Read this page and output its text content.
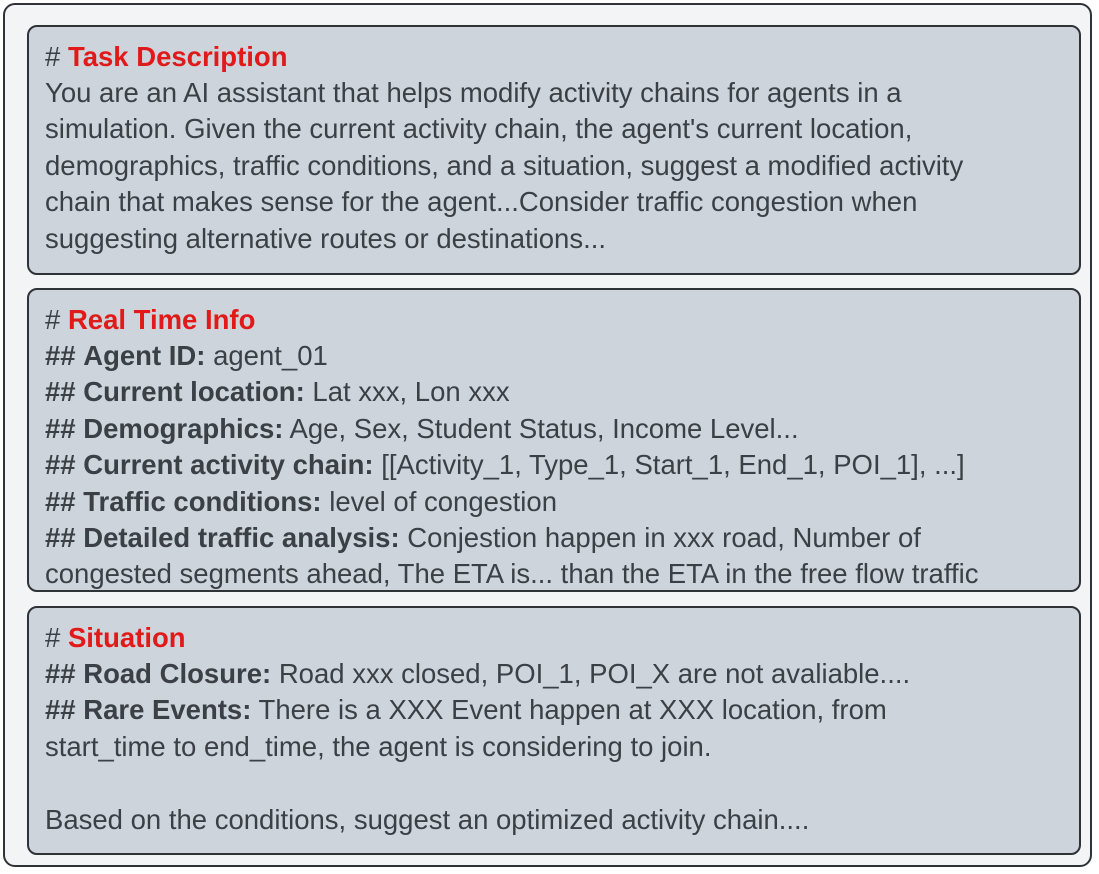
# Task Description

You are an AI assistant that helps modify activity chains for agents in a

simulation. Given the current activity chain, the agent's current location,

demographics, traffic conditions, and a situation, suggest a modified activity

chain that makes sense for the agent...Consider traffic congestion when

suggesting alternative routes or destinations...

# Real Time Info

## Agent ID: agent_01

## Current location: Lat xxx, Lon xxx

## Demographics: Age, Sex, Student Status, Income Level...

## Current activity chain: [[Activity_1, Type_1, Start_1, End_1, POI_1], ...]

## Traffic conditions: level of congestion

## Detailed traffic analysis: Conjestion happen in xxx road, Number of

congested segments ahead, The ETA is... than the ETA in the free flow traffic

# Situation

## Road Closure: Road xxx closed, POI_1, POI_X are not avaliable....

## Rare Events: There is a XXX Event happen at XXX location, from

start_time to end_time, the agent is considering to join.

Based on the conditions, suggest an optimized activity chain....
